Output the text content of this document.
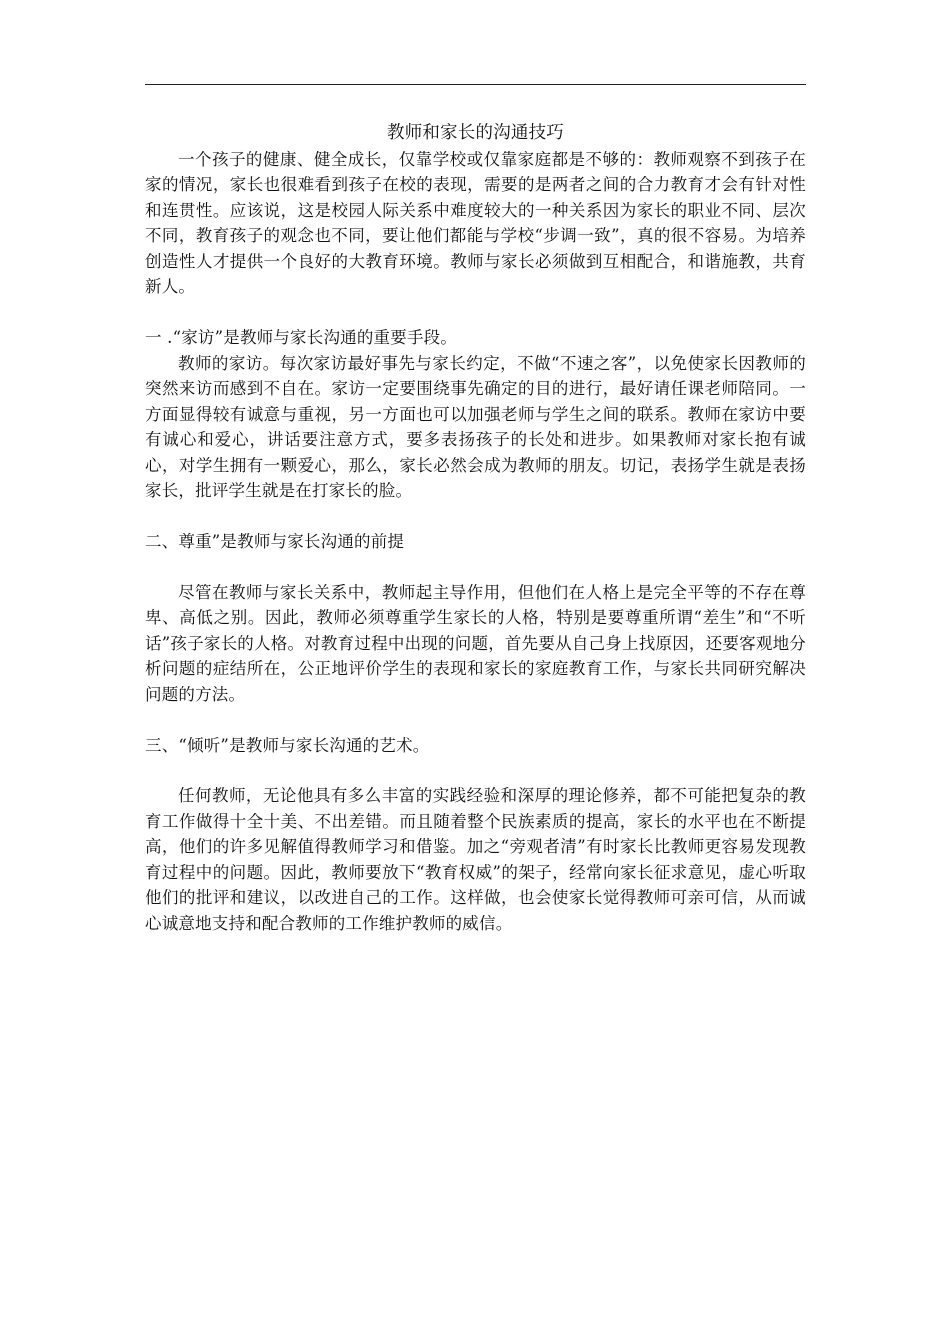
教师和家长的沟通技巧

一个孩子的健康、健全成长，仅靠学校或仅靠家庭都是不够的：教师观察不到孩子在家的情况，家长也很难看到孩子在校的表现，需要的是两者之间的合力教育才会有针对性和连贯性。应该说，这是校园人际关系中难度较大的一种关系因为家长的职业不同、层次不同，教育孩子的观念也不同，要让他们都能与学校“步调一致”，真的很不容易。为培养创造性人才提供一个良好的大教育环境。教师与家长必须做到互相配合，和谐施教，共育新人。

一 .“家访”是教师与家长沟通的重要手段。

教师的家访。每次家访最好事先与家长约定，不做“不速之客”，以免使家长因教师的突然来访而感到不自在。家访一定要围绕事先确定的目的进行，最好请任课老师陪同。一方面显得较有诚意与重视，另一方面也可以加强老师与学生之间的联系。教师在家访中要有诚心和爱心，讲话要注意方式，要多表扬孩子的长处和进步。如果教师对家长抱有诚心，对学生拥有一颗爱心，那么，家长必然会成为教师的朋友。切记，表扬学生就是表扬家长，批评学生就是在打家长的脸。

二、尊重”是教师与家长沟通的前提

尽管在教师与家长关系中，教师起主导作用，但他们在人格上是完全平等的不存在尊卑、高低之别。因此，教师必须尊重学生家长的人格，特别是要尊重所谓“差生”和“不听话”孩子家长的人格。对教育过程中出现的问题，首先要从自己身上找原因，还要客观地分析问题的症结所在，公正地评价学生的表现和家长的家庭教育工作，与家长共同研究解决问题的方法。

三、“倾听”是教师与家长沟通的艺术。

任何教师，无论他具有多么丰富的实践经验和深厚的理论修养，都不可能把复杂的教育工作做得十全十美、不出差错。而且随着整个民族素质的提高，家长的水平也在不断提高，他们的许多见解值得教师学习和借鉴。加之“旁观者清”有时家长比教师更容易发现教育过程中的问题。因此，教师要放下“教育权威”的架子，经常向家长征求意见，虚心听取他们的批评和建议，以改进自己的工作。这样做，也会使家长觉得教师可亲可信，从而诚心诚意地支持和配合教师的工作维护教师的威信。
